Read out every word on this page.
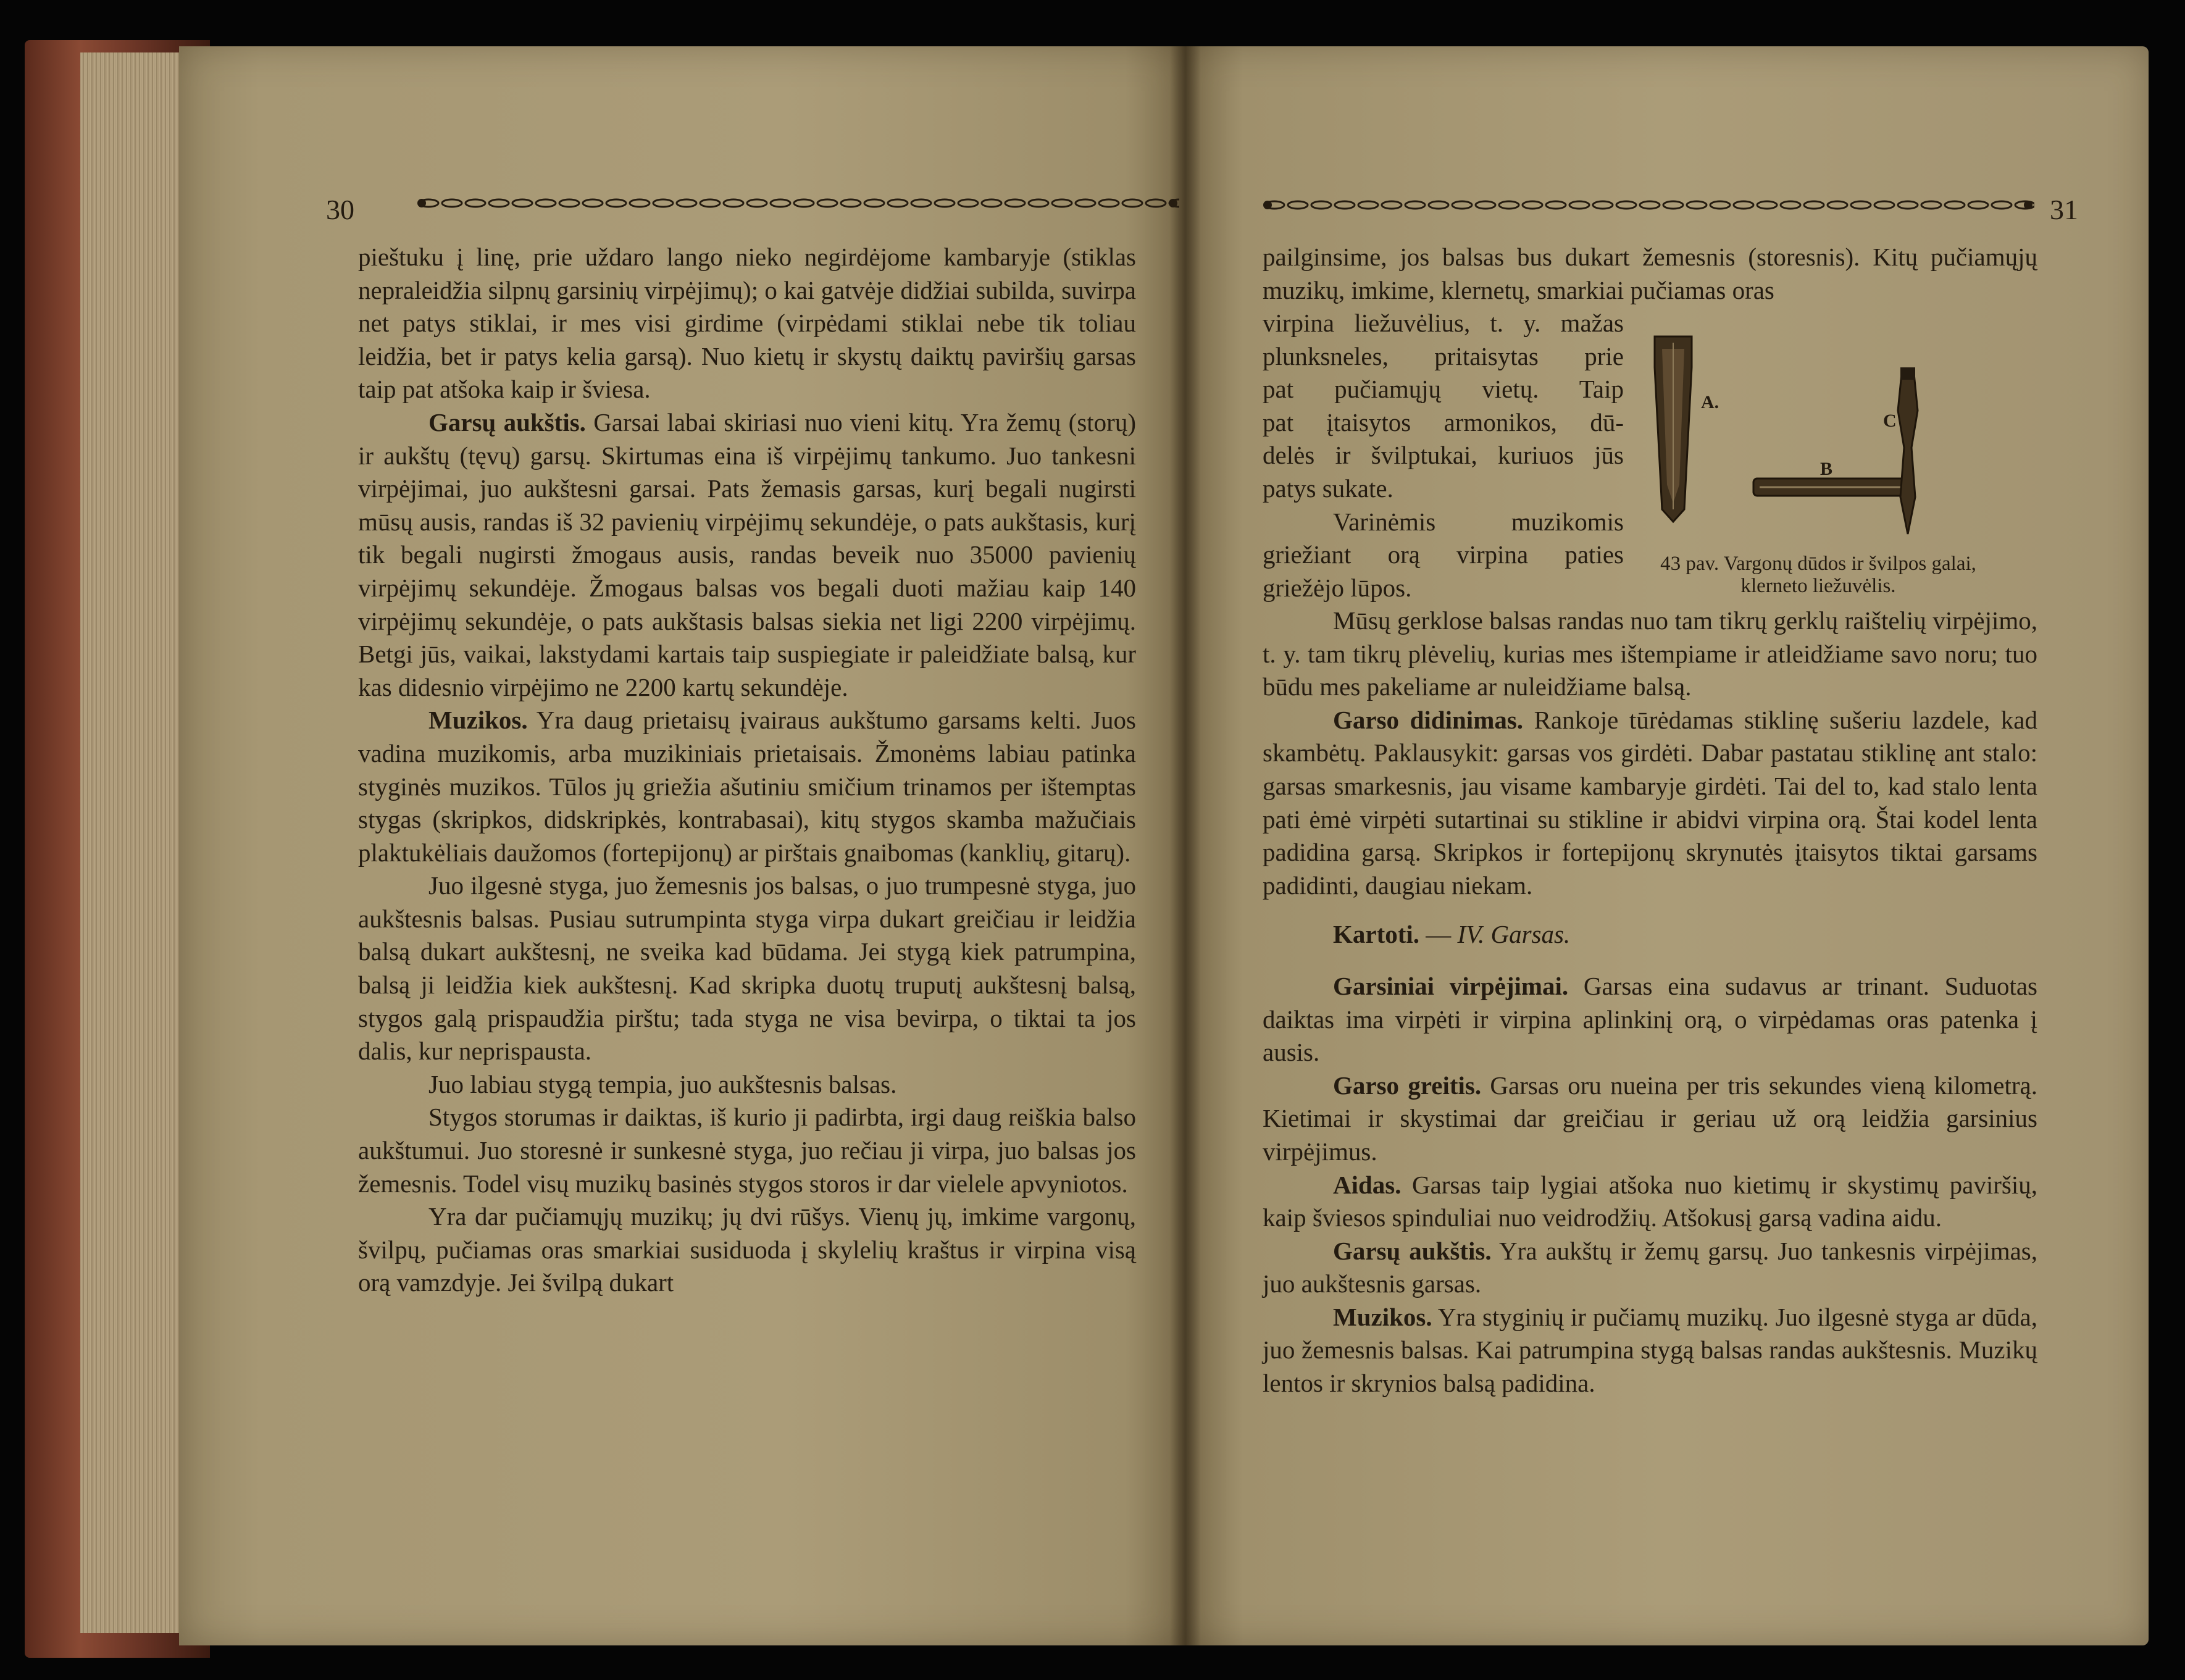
30

pieštuku į linę, prie uždaro lango nieko negirdėjome kambaryje (stiklas nepraleidžia silpnų garsinių virpėjimų); o kai gatvėje didžiai subilda, suvirpa net patys stiklai, ir mes visi girdime (virpėdami stiklai nebe tik toliau leidžia, bet ir patys kelia garsą). Nuo kietų ir skystų daiktų paviršių garsas taip pat atšoka kaip ir šviesa.

Garsų aukštis. Garsai labai skiriasi nuo vieni kitų. Yra žemų (storų) ir aukštų (tęvų) garsų. Skirtumas eina iš virpėjimų tankumo. Juo tankesni virpėjimai, juo aukštesni garsai. Pats žemasis garsas, kurį begali nugirsti mūsų ausis, randas iš 32 pavienių virpėjimų sekundėje, o pats aukštasis, kurį tik begali nugirsti žmogaus ausis, randas beveik nuo 35000 pavienių virpėjimų sekundėje. Žmogaus balsas vos begali duoti mažiau kaip 140 virpėjimų sekundėje, o pats aukštasis balsas siekia net ligi 2200 virpėjimų. Betgi jūs, vaikai, lakstydami kartais taip suspiegiate ir paleidžiate balsą, kur kas didesnio virpėjimo ne 2200 kartų sekundėje.

Muzikos. Yra daug prietaisų įvairaus aukštumo garsams kelti. Juos vadina muzikomis, arba muzikiniais prietaisais. Žmonėms labiau patinka styginės muzikos. Tūlos jų griežia ašutiniu smičium trinamos per ištemptas stygas (skripkos, didskripkės, kontrabasai), kitų stygos skamba mažučiais plaktukėliais daužomos (fortepijonų) ar pirštais gnaibomas (kanklių, gitarų).

Juo ilgesnė styga, juo žemesnis jos balsas, o juo trumpesnė styga, juo aukštesnis balsas. Pusiau sutrumpinta styga virpa dukart greičiau ir leidžia balsą dukart aukštesnį, ne sveika kad būdama. Jei stygą kiek patrumpina, balsą ji leidžia kiek aukštesnį. Kad skripka duotų truputį aukštesnį balsą, stygos galą prispaudžia pirštu; tada styga ne visa bevirpa, o tiktai ta jos dalis, kur neprispausta.

Juo labiau stygą tempia, juo aukštesnis balsas.

Stygos storumas ir daiktas, iš kurio ji padirbta, irgi daug reiškia balso aukštumui. Juo storesnė ir sunkesnė styga, juo rečiau ji virpa, juo balsas jos žemesnis. Todel visų muzikų basinės stygos storos ir dar vielele apvyniotos.

Yra dar pučiamųjų muzikų; jų dvi rūšys. Vienų jų, imkime vargonų, švilpų, pučiamas oras smarkiai susiduoda į skylelių kraštus ir virpina visą orą vamzdyje. Jei švilpą dukart

31

pailginsime, jos balsas bus dukart žemesnis (storesnis). Kitų pučiamųjų muzikų, imkime, klernetų, smarkiai pučiamas oras

virpina liežuvėlius, t. y. mažas

plunksneles, pritaisytas prie

pat pučiamųjų vietų. Taip

pat įtaisytos armonikos, dū-

delės ir švilptukai, kuriuos jūs

patys sukate.

Varinėmis muzikomis

griežiant orą virpina paties

griežėjo lūpos.

A.
B
C
43 pav. Vargonų dūdos ir švilpos galai, klerneto liežuvėlis.

Mūsų gerklose balsas randas nuo tam tikrų gerklų raištelių virpėjimo, t. y. tam tikrų plėvelių, kurias mes ištempiame ir atleidžiame savo noru; tuo būdu mes pakeliame ar nuleidžiame balsą.

Garso didinimas. Rankoje tūrėdamas stiklinę sušeriu lazdele, kad skambėtų. Paklausykit: garsas vos girdėti. Dabar pastatau stiklinę ant stalo: garsas smarkesnis, jau visame kambaryje girdėti. Tai del to, kad stalo lenta pati ėmė virpėti sutartinai su stikline ir abidvi virpina orą. Štai kodel lenta padidina garsą. Skripkos ir fortepijonų skrynutės įtaisytos tiktai garsams padidinti, daugiau niekam.

Kartoti. — IV. Garsas.

Garsiniai virpėjimai. Garsas eina sudavus ar trinant. Suduotas daiktas ima virpėti ir virpina aplinkinį orą, o virpėdamas oras patenka į ausis.

Garso greitis. Garsas oru nueina per tris sekundes vieną kilometrą. Kietimai ir skystimai dar greičiau ir geriau už orą leidžia garsinius virpėjimus.

Aidas. Garsas taip lygiai atšoka nuo kietimų ir skystimų paviršių, kaip šviesos spinduliai nuo veidrodžių. Atšokusį garsą vadina aidu.

Garsų aukštis. Yra aukštų ir žemų garsų. Juo tankesnis virpėjimas, juo aukštesnis garsas.

Muzikos. Yra styginių ir pučiamų muzikų. Juo ilgesnė styga ar dūda, juo žemesnis balsas. Kai patrumpina stygą balsas randas aukštesnis. Muzikų lentos ir skrynios balsą padidina.
